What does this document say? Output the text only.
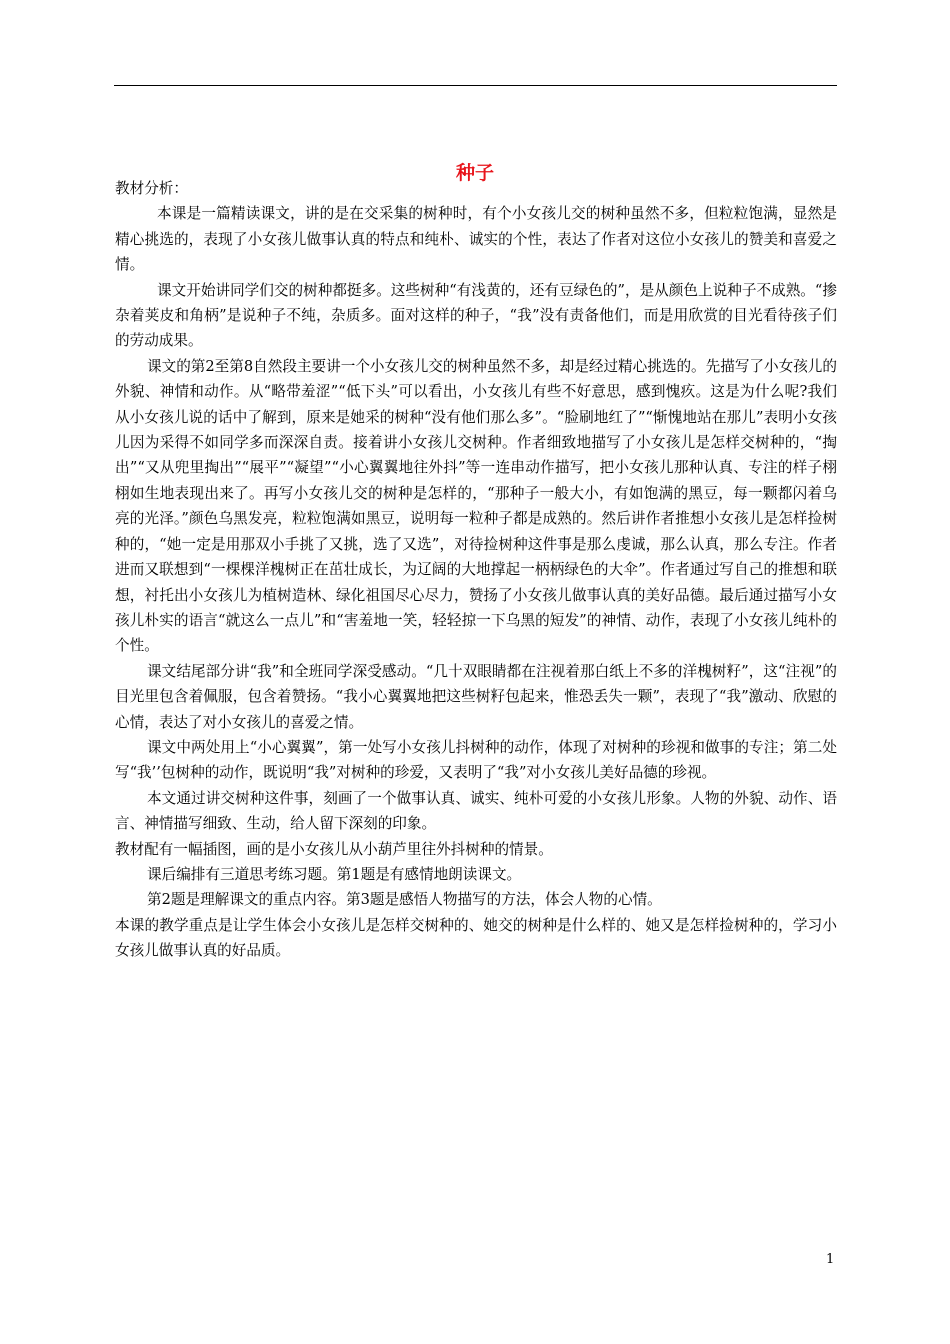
种子

教材分析：

本课是一篇精读课文，讲的是在交采集的树种时，有个小女孩儿交的树种虽然不多，但粒粒饱满，显然是精心挑选的，表现了小女孩儿做事认真的特点和纯朴、诚实的个性，表达了作者对这位小女孩儿的赞美和喜爱之情。

课文开始讲同学们交的树种都挺多。这些树种“有浅黄的，还有豆绿色的”，是从颜色上说种子不成熟。“掺杂着荚皮和角柄”是说种子不纯，杂质多。面对这样的种子，“我”没有责备他们，而是用欣赏的目光看待孩子们的劳动成果。

课文的第2至第8自然段主要讲一个小女孩儿交的树种虽然不多，却是经过精心挑选的。先描写了小女孩儿的外貌、神情和动作。从“略带羞涩”“低下头”可以看出，小女孩儿有些不好意思，感到愧疚。这是为什么呢?我们从小女孩儿说的话中了解到，原来是她采的树种“没有他们那么多”。“脸刷地红了”“惭愧地站在那儿”表明小女孩儿因为采得不如同学多而深深自责。接着讲小女孩儿交树种。作者细致地描写了小女孩儿是怎样交树种的，“掏出”“又从兜里掏出”“展平”“凝望”“小心翼翼地往外抖”等一连串动作描写，把小女孩儿那种认真、专注的样子栩栩如生地表现出来了。再写小女孩儿交的树种是怎样的，“那种子一般大小，有如饱满的黑豆，每一颗都闪着乌亮的光泽。”颜色乌黑发亮，粒粒饱满如黑豆，说明每一粒种子都是成熟的。然后讲作者推想小女孩儿是怎样捡树种的，“她一定是用那双小手挑了又挑，选了又选”，对待捡树种这件事是那么虔诚，那么认真，那么专注。作者进而又联想到“一棵棵洋槐树正在茁壮成长，为辽阔的大地撑起一柄柄绿色的大伞”。作者通过写自己的推想和联想，衬托出小女孩儿为植树造林、绿化祖国尽心尽力，赞扬了小女孩儿做事认真的美好品德。最后通过描写小女孩儿朴实的语言“就这么一点儿”和“害羞地一笑，轻轻掠一下乌黑的短发”的神情、动作，表现了小女孩儿纯朴的个性。

课文结尾部分讲“我”和全班同学深受感动。“几十双眼睛都在注视着那白纸上不多的洋槐树籽”，这“注视”的目光里包含着佩服，包含着赞扬。“我小心翼翼地把这些树籽包起来，惟恐丢失一颗”，表现了“我”激动、欣慰的心情，表达了对小女孩儿的喜爱之情。

课文中两处用上“小心翼翼”，第一处写小女孩儿抖树种的动作，体现了对树种的珍视和做事的专注；第二处写“我’’包树种的动作，既说明“我”对树种的珍爱，又表明了“我”对小女孩儿美好品德的珍视。

本文通过讲交树种这件事，刻画了一个做事认真、诚实、纯朴可爱的小女孩儿形象。人物的外貌、动作、语言、神情描写细致、生动，给人留下深刻的印象。

教材配有一幅插图，画的是小女孩儿从小葫芦里往外抖树种的情景。

课后编排有三道思考练习题。第1题是有感情地朗读课文。

第2题是理解课文的重点内容。第3题是感悟人物描写的方法，体会人物的心情。

本课的教学重点是让学生体会小女孩儿是怎样交树种的、她交的树种是什么样的、她又是怎样捡树种的，学习小女孩儿做事认真的好品质。

1
